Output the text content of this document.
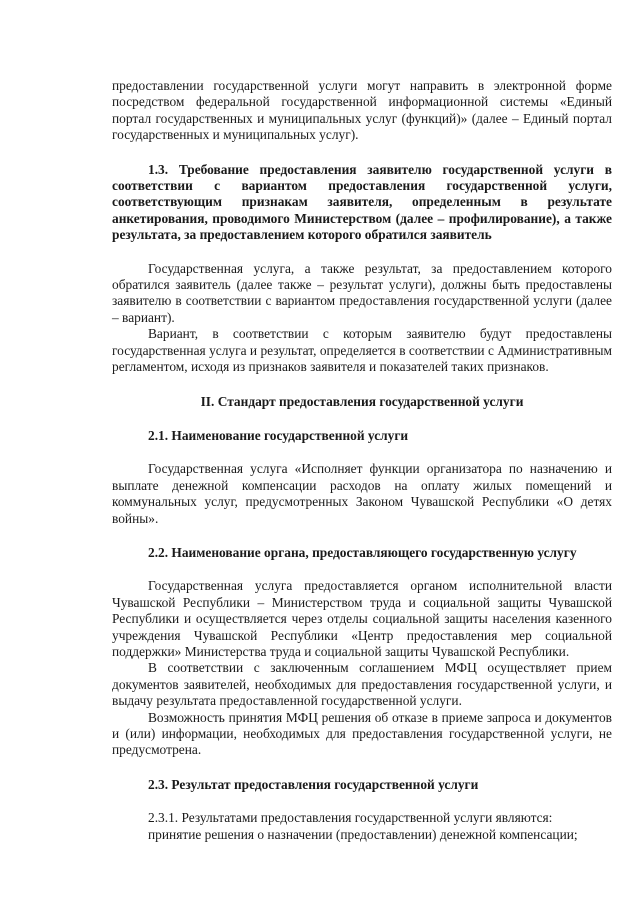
предоставлении государственной услуги могут направить в электронной форме посредством федеральной государственной информационной системы «Единый портал государственных и муниципальных услуг (функций)» (далее – Единый портал государственных и муниципальных услуг).

1.3. Требование предоставления заявителю государственной услуги в соответствии с вариантом предоставления государственной услуги, соответствующим признакам заявителя, определенным в результате анкетирования, проводимого Министерством (далее – профилирование), а также результата, за предоставлением которого обратился заявитель

Государственная услуга, а также результат, за предоставлением которого обратился заявитель (далее также – результат услуги), должны быть предоставлены заявителю в соответствии с вариантом предоставления государственной услуги (далее – вариант).

Вариант, в соответствии с которым заявителю будут предоставлены государственная услуга и результат, определяется в соответствии с Административным регламентом, исходя из признаков заявителя и показателей таких признаков.

II. Стандарт предоставления государственной услуги

2.1. Наименование государственной услуги

Государственная услуга «Исполняет функции организатора по назначению и выплате денежной компенсации расходов на оплату жилых помещений и коммунальных услуг, предусмотренных Законом Чувашской Республики «О детях войны».

2.2. Наименование органа, предоставляющего государственную услугу

Государственная услуга предоставляется органом исполнительной власти Чувашской Республики – Министерством труда и социальной защиты Чувашской Республики и осуществляется через отделы социальной защиты населения казенного учреждения Чувашской Республики «Центр предоставления мер социальной поддержки» Министерства труда и социальной защиты Чувашской Республики.

В соответствии с заключенным соглашением МФЦ осуществляет прием документов заявителей, необходимых для предоставления государственной услуги, и выдачу результата предоставленной государственной услуги.

Возможность принятия МФЦ решения об отказе в приеме запроса и документов и (или) информации, необходимых для предоставления государственной услуги, не предусмотрена.

2.3. Результат предоставления государственной услуги

2.3.1. Результатами предоставления государственной услуги являются:

принятие решения о назначении (предоставлении) денежной компенсации;
